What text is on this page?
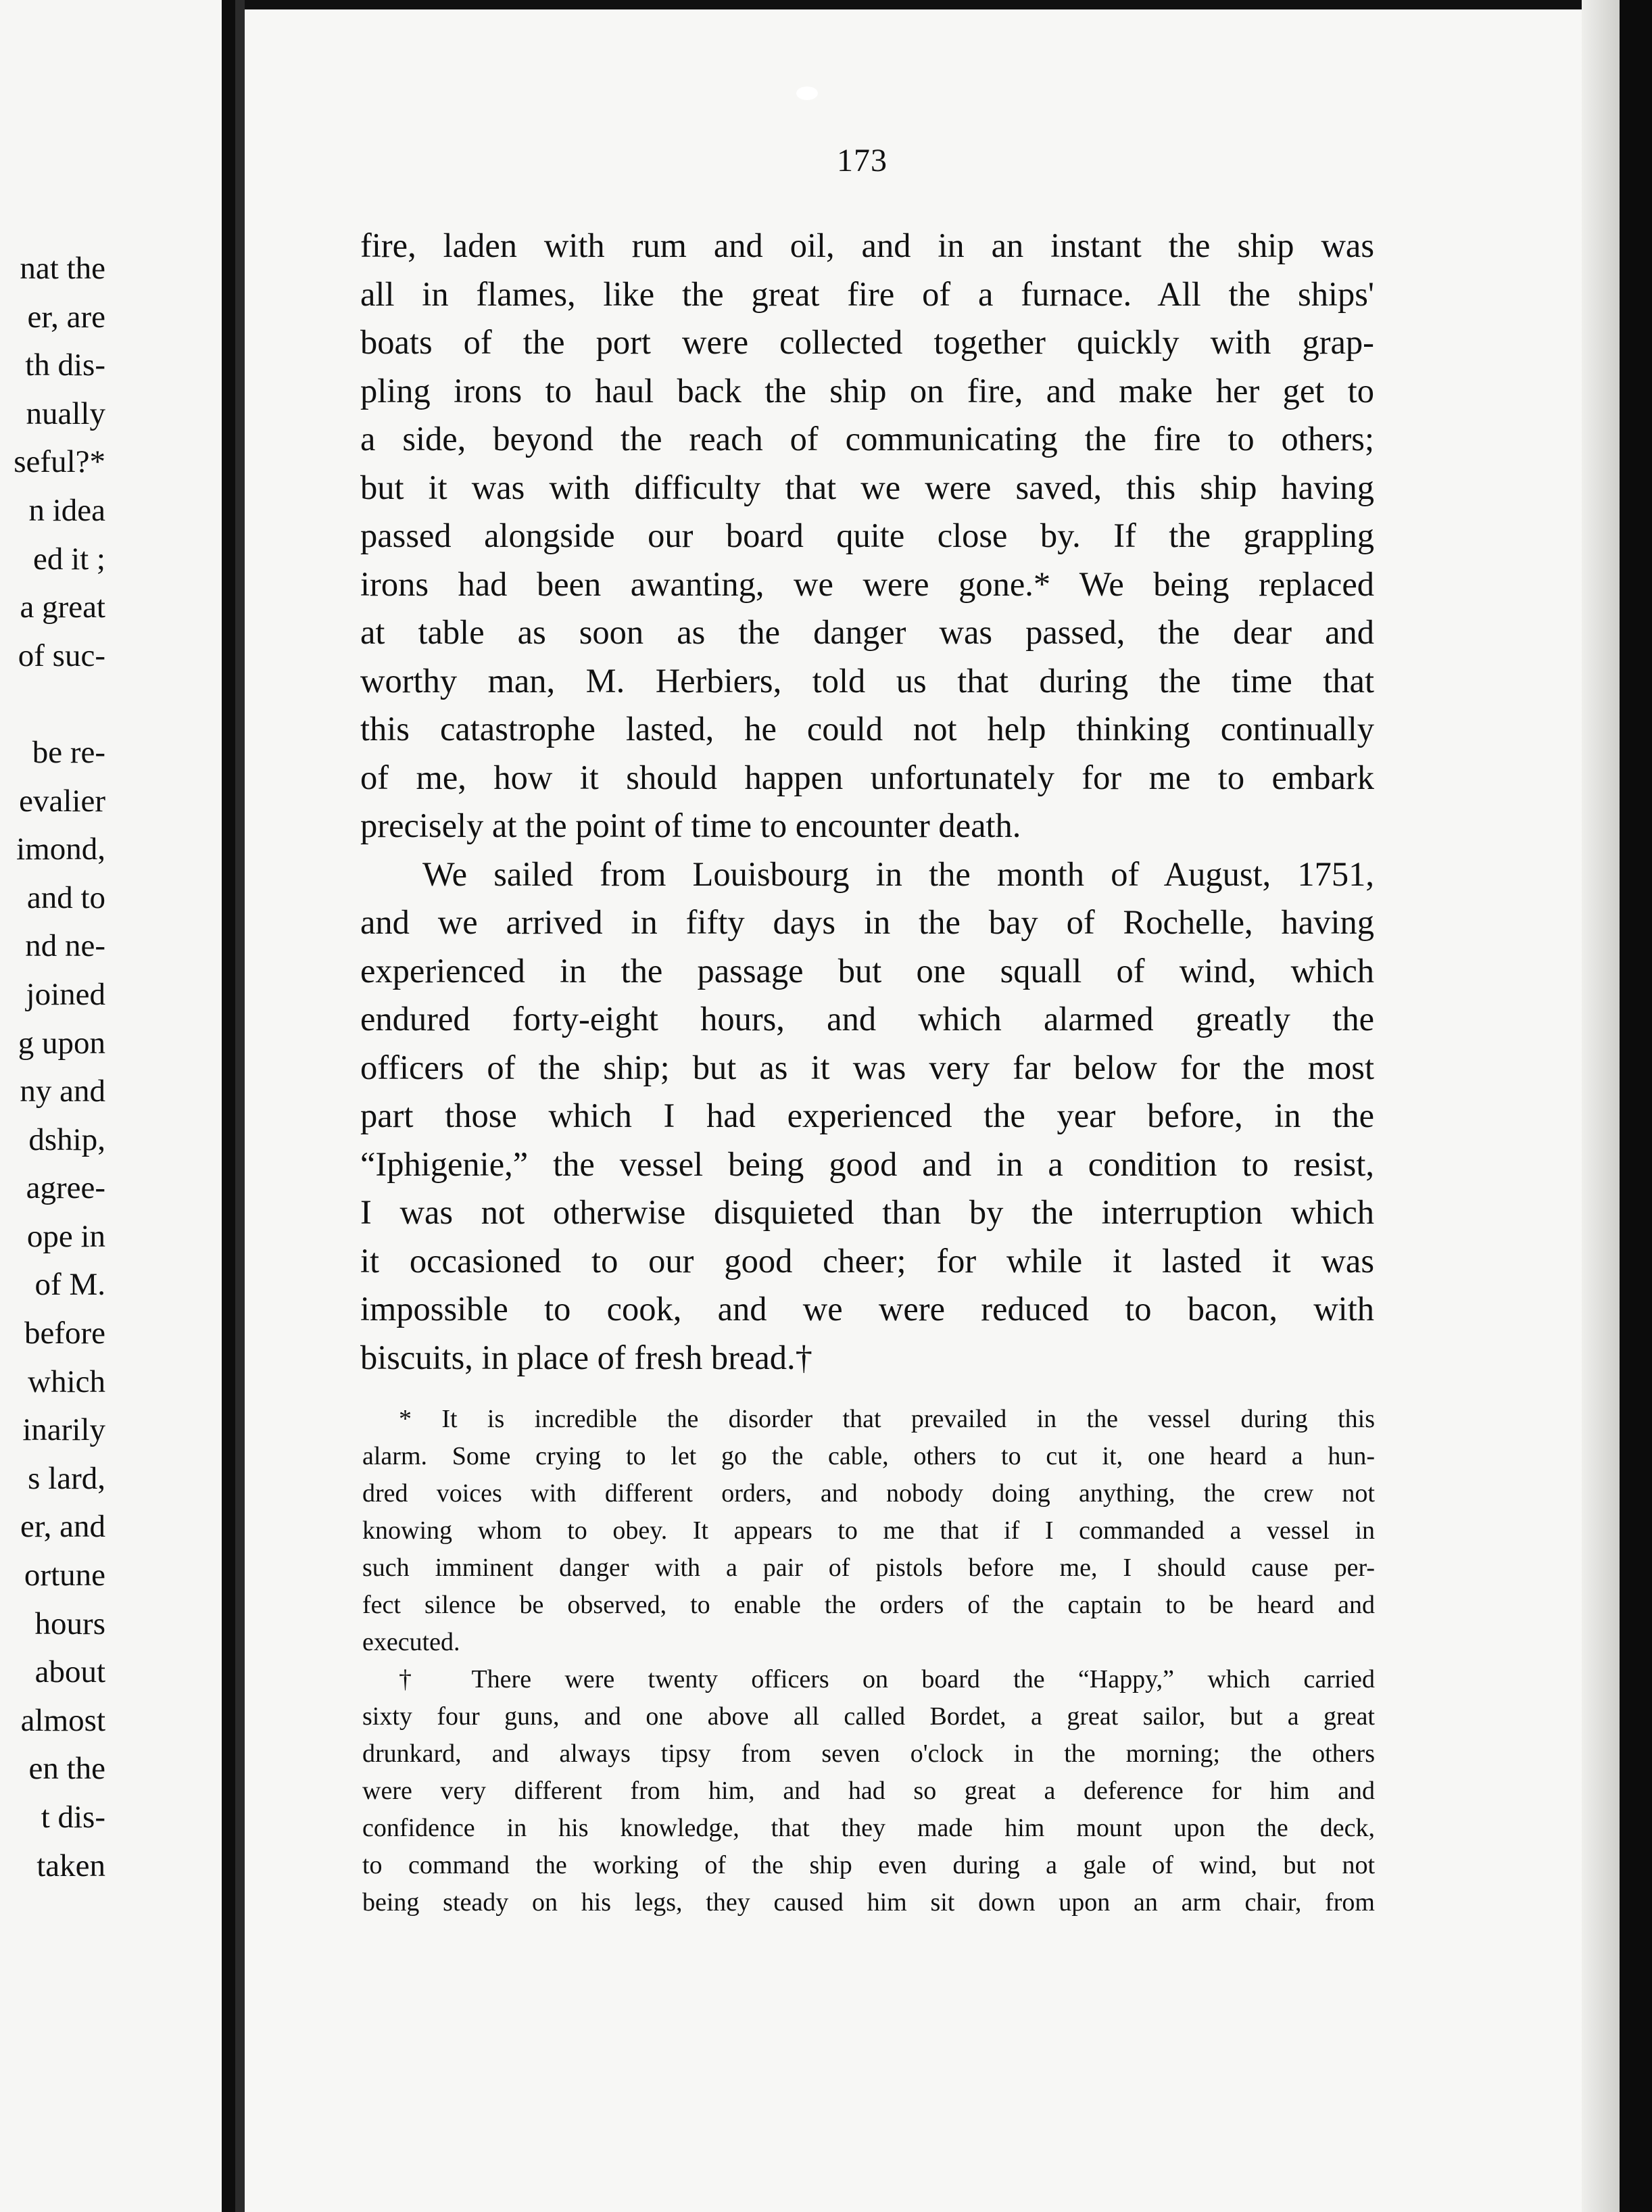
nat the
er, are
th dis-
nually
seful?*
n idea
ed it ;
a great
of suc-
be re-
evalier
imond,
and to
nd ne-
joined
g upon
ny and
dship,
agree-
ope in
of M.
before
which
inarily
s lard,
er, and
ortune
hours
about
almost
en the
t dis-
taken
173
fire, laden with rum and oil, and in an instant the ship was
all in flames, like the great fire of a furnace. All the ships'
boats of the port were collected together quickly with grap-
pling irons to haul back the ship on fire, and make her get to
a side, beyond the reach of communicating the fire to others;
but it was with difficulty that we were saved, this ship having
passed alongside our board quite close by. If the grappling
irons had been awanting, we were gone.* We being replaced
at table as soon as the danger was passed, the dear and
worthy man, M. Herbiers, told us that during the time that
this catastrophe lasted, he could not help thinking continually
of me, how it should happen unfortunately for me to embark
precisely at the point of time to encounter death.
We sailed from Louisbourg in the month of August, 1751,
and we arrived in fifty days in the bay of Rochelle, having
experienced in the passage but one squall of wind, which
endured forty-eight hours, and which alarmed greatly the
officers of the ship; but as it was very far below for the most
part those which I had experienced the year before, in the
“Iphigenie,” the vessel being good and in a condition to resist,
I was not otherwise disquieted than by the interruption which
it occasioned to our good cheer; for while it lasted it was
impossible to cook, and we were reduced to bacon, with
biscuits, in place of fresh bread.†
* It is incredible the disorder that prevailed in the vessel during this
alarm. Some crying to let go the cable, others to cut it, one heard a hun-
dred voices with different orders, and nobody doing anything, the crew not
knowing whom to obey. It appears to me that if I commanded a vessel in
such imminent danger with a pair of pistols before me, I should cause per-
fect silence be observed, to enable the orders of the captain to be heard and
executed.
† There were twenty officers on board the “Happy,” which carried
sixty four guns, and one above all called Bordet, a great sailor, but a great
drunkard, and always tipsy from seven o'clock in the morning; the others
were very different from him, and had so great a deference for him and
confidence in his knowledge, that they made him mount upon the deck,
to command the working of the ship even during a gale of wind, but not
being steady on his legs, they caused him sit down upon an arm chair, from
